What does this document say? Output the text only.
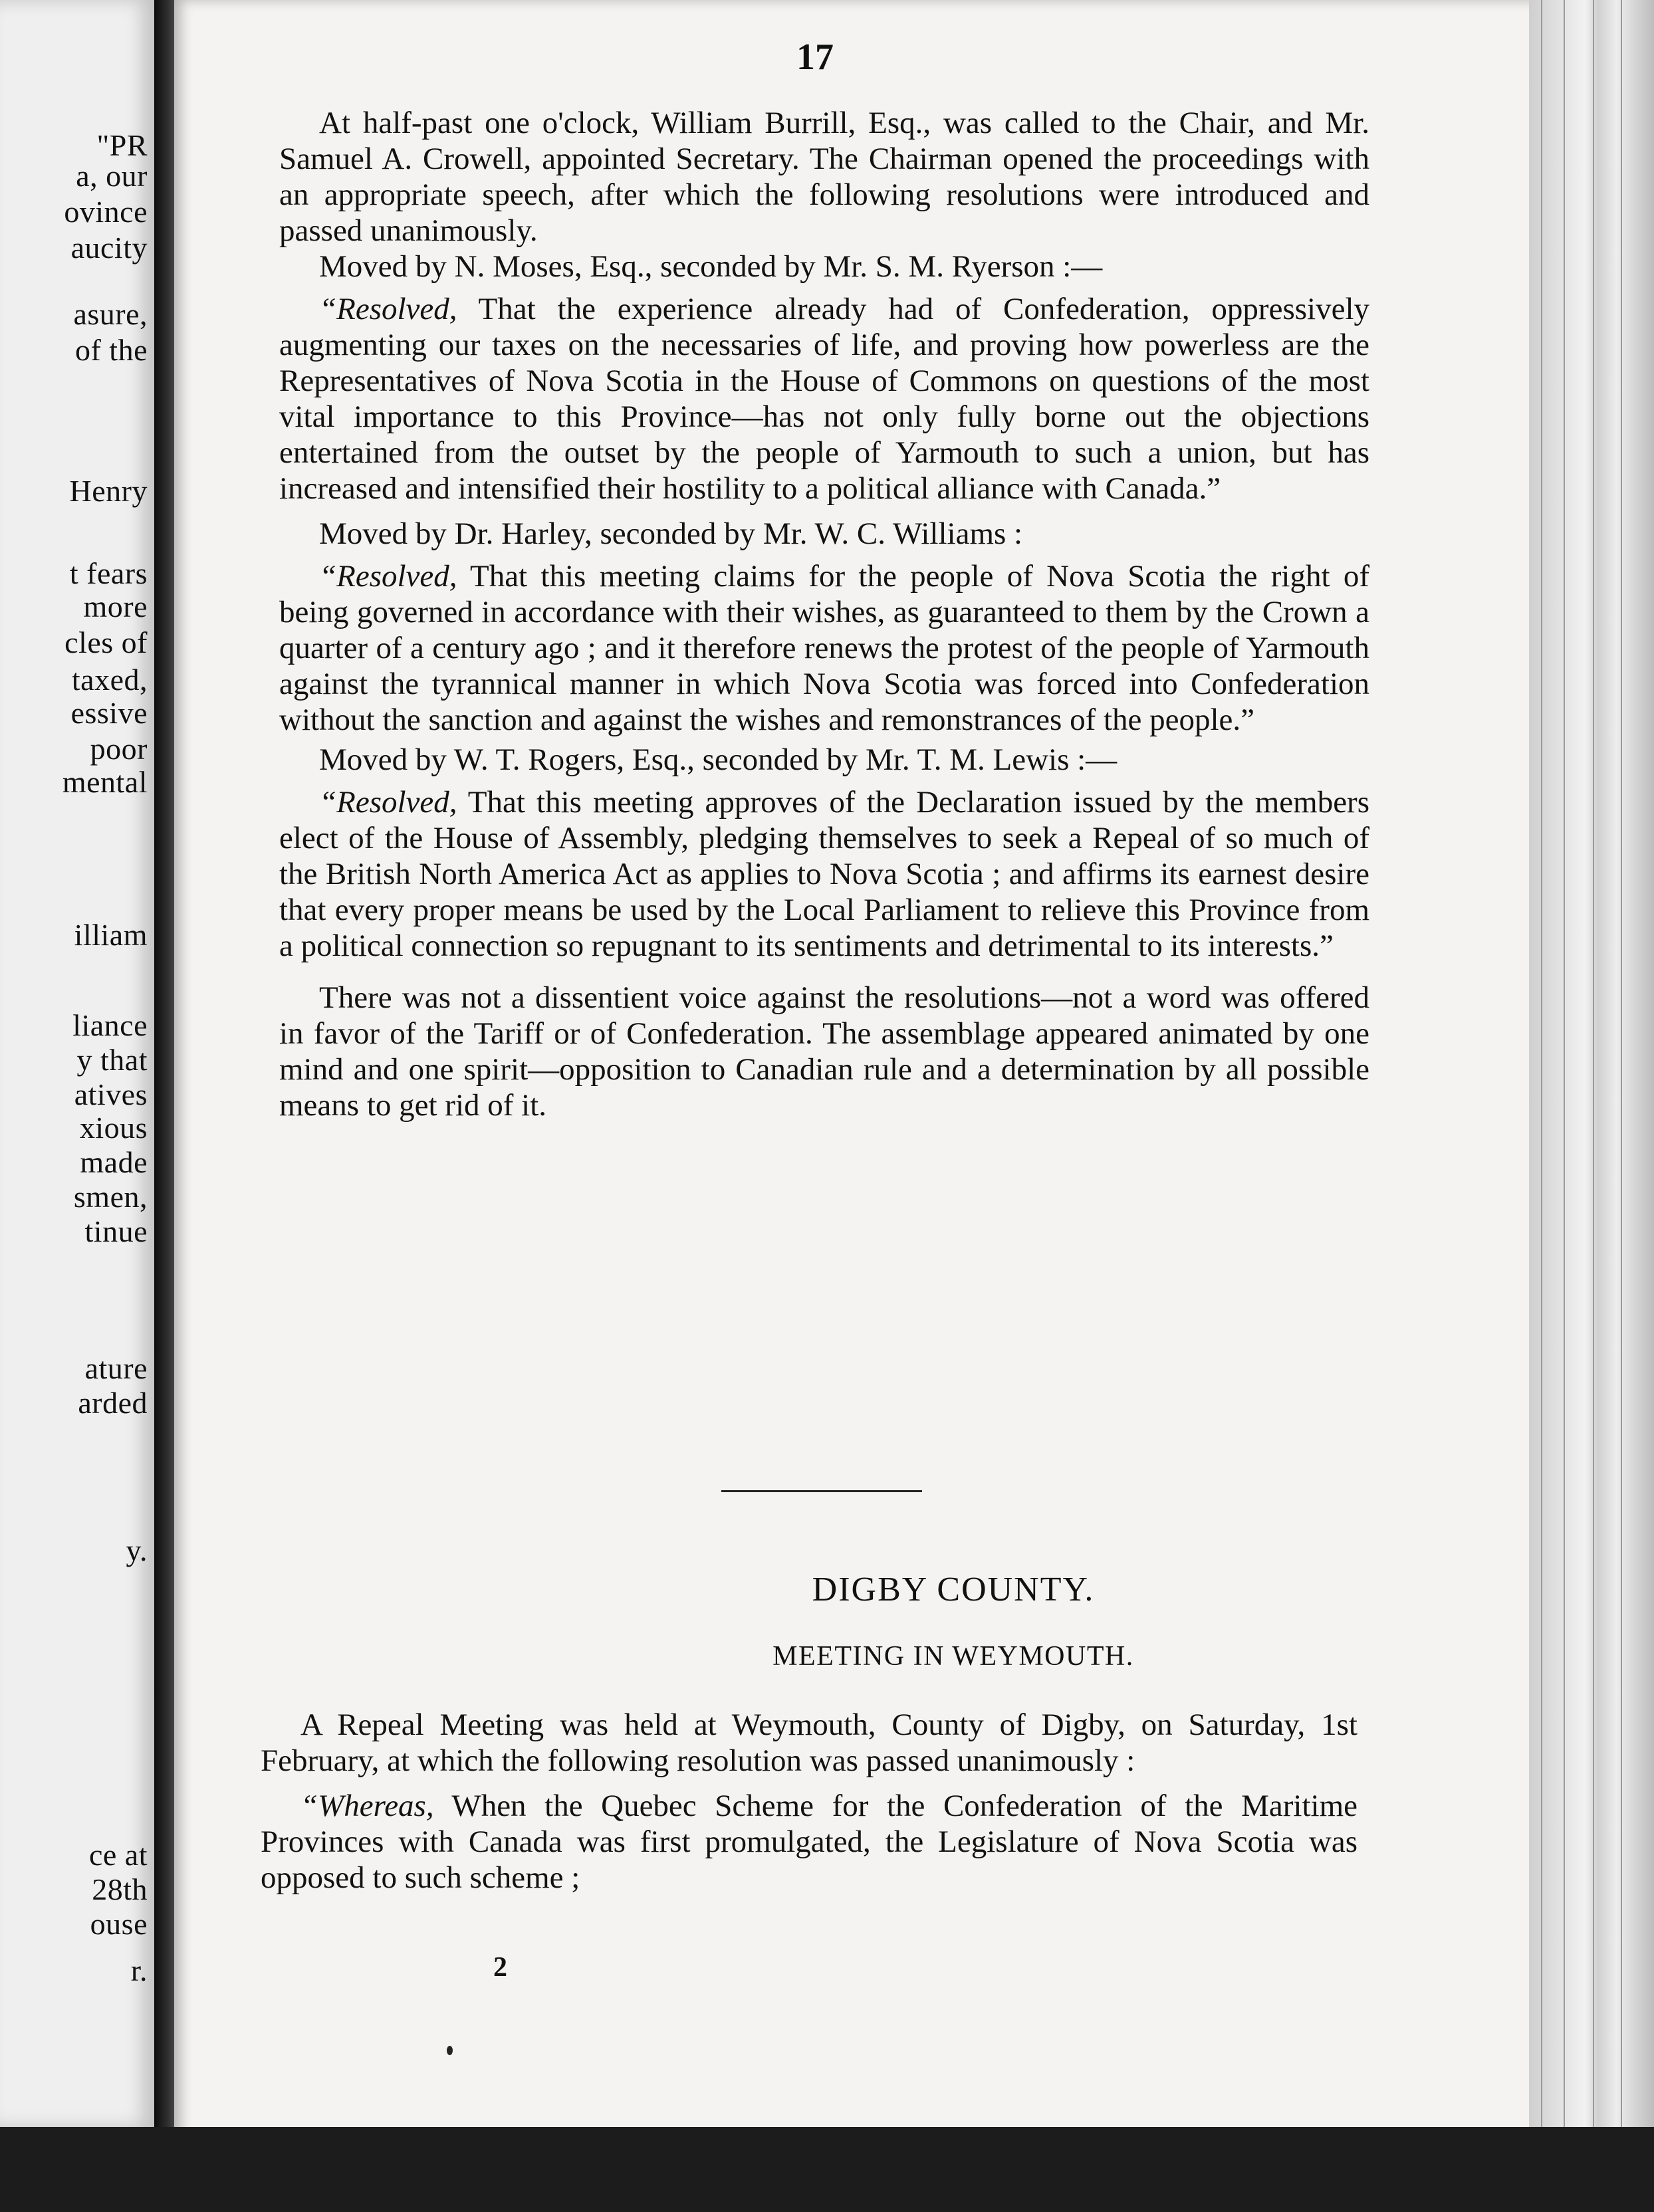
"PR
a, our
ovince
aucity
asure,
of the
Henry
t fears
more
cles of
taxed,
essive
poor
mental
illiam
liance
y that
atives
xious
made
smen,
tinue
ature
arded
y.
ce at
28th
ouse
r.
17

At half-past one o'clock, William Burrill, Esq., was called to the Chair, and Mr. Samuel A. Crowell, appointed Secretary. The Chairman opened the proceedings with an appropriate speech, after which the following resolutions were introduced and passed unanimously.

Moved by N. Moses, Esq., seconded by Mr. S. M. Ryerson :—

“Resolved, That the experience already had of Confederation, oppressively augmenting our taxes on the necessaries of life, and proving how powerless are the Representatives of Nova Scotia in the House of Commons on questions of the most vital importance to this Province—has not only fully borne out the objections entertained from the outset by the people of Yarmouth to such a union, but has increased and intensified their hostility to a political alliance with Canada.”

Moved by Dr. Harley, seconded by Mr. W. C. Williams :

“Resolved, That this meeting claims for the people of Nova Scotia the right of being governed in accordance with their wishes, as guaranteed to them by the Crown a quarter of a century ago ; and it therefore renews the protest of the people of Yarmouth against the tyrannical manner in which Nova Scotia was forced into Confederation without the sanction and against the wishes and remonstrances of the people.”

Moved by W. T. Rogers, Esq., seconded by Mr. T. M. Lewis :—

“Resolved, That this meeting approves of the Declaration issued by the members elect of the House of Assembly, pledging themselves to seek a Repeal of so much of the British North America Act as applies to Nova Scotia ; and affirms its earnest desire that every proper means be used by the Local Parliament to relieve this Province from a political connection so repugnant to its sentiments and detrimental to its interests.”

There was not a dissentient voice against the resolutions—not a word was offered in favor of the Tariff or of Confederation. The assemblage appeared animated by one mind and one spirit—opposition to Canadian rule and a determination by all possible means to get rid of it.

DIGBY COUNTY.
MEETING IN WEYMOUTH.

A Repeal Meeting was held at Weymouth, County of Digby, on Saturday, 1st February, at which the following resolution was passed unanimously :

“Whereas, When the Quebec Scheme for the Confederation of the Maritime Provinces with Canada was first promulgated, the Legislature of Nova Scotia was opposed to such scheme ;

2
